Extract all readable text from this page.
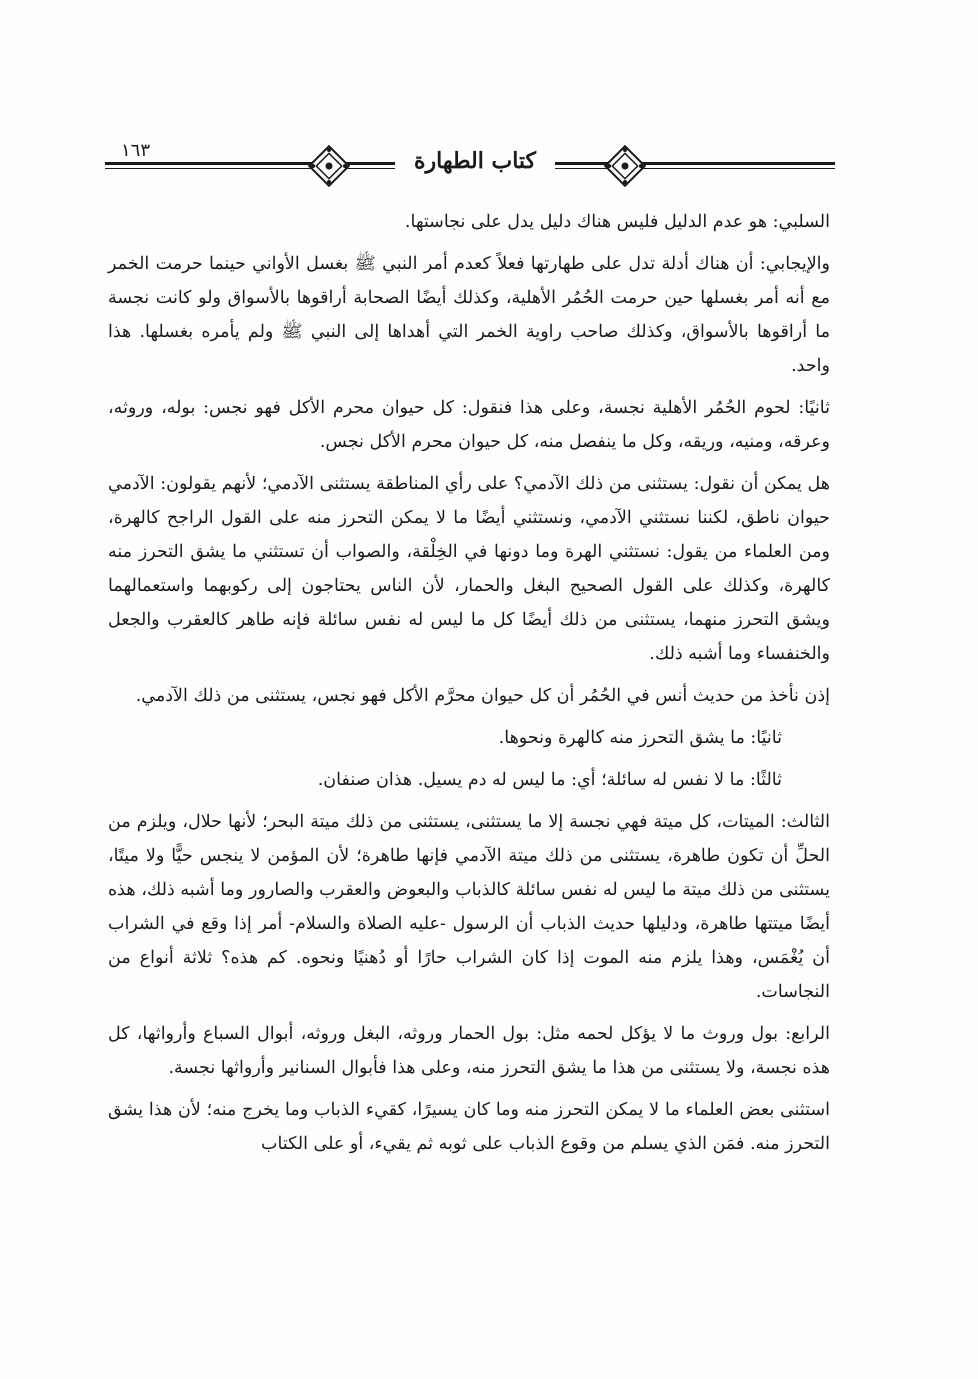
١٦٣	كتاب الطهارة

السلبي: هو عدم الدليل فليس هناك دليل يدل على نجاستها.

والإيجابي: أن هناك أدلة تدل على طهارتها فعلاً كعدم أمر النبي ﷺ بغسل الأواني حينما حرمت الخمر مع أنه أمر بغسلها حين حرمت الحُمُر الأهلية، وكذلك أيضًا الصحابة أراقوها بالأسواق ولو كانت نجسة ما أراقوها بالأسواق، وكذلك صاحب راوية الخمر التي أهداها إلى النبي ﷺ ولم يأمره بغسلها. هذا واحد.

ثانيًا: لحوم الحُمُر الأهلية نجسة، وعلى هذا فنقول: كل حيوان محرم الأكل فهو نجس: بوله، وروثه، وعرقه، ومنيه، وريقه، وكل ما ينفصل منه، كل حيوان محرم الأكل نجس.

هل يمكن أن نقول: يستثنى من ذلك الآدمي؟ على رأي المناطقة يستثنى الآدمي؛ لأنهم يقولون: الآدمي حيوان ناطق، لكننا نستثني الآدمي، ونستثني أيضًا ما لا يمكن التحرز منه على القول الراجح كالهرة، ومن العلماء من يقول: نستثني الهرة وما دونها في الخِلْقة، والصواب أن تستثني ما يشق التحرز منه كالهرة، وكذلك على القول الصحيح البغل والحمار، لأن الناس يحتاجون إلى ركوبهما واستعمالهما ويشق التحرز منهما، يستثنى من ذلك أيضًا كل ما ليس له نفس سائلة فإنه طاهر كالعقرب والجعل والخنفساء وما أشبه ذلك.

إذن نأخذ من حديث أنس في الحُمُر أن كل حيوان محرَّم الأكل فهو نجس، يستثنى من ذلك الآدمي.

ثانيًا: ما يشق التحرز منه كالهرة ونحوها.

ثالثًا: ما لا نفس له سائلة؛ أي: ما ليس له دم يسيل. هذان صنفان.

الثالث: الميتات، كل ميتة فهي نجسة إلا ما يستثنى، يستثنى من ذلك ميتة البحر؛ لأنها حلال، ويلزم من الحلِّ أن تكون طاهرة، يستثنى من ذلك ميتة الآدمي فإنها طاهرة؛ لأن المؤمن لا ينجس حيًّا ولا ميتًا، يستثنى من ذلك ميتة ما ليس له نفس سائلة كالذباب والبعوض والعقرب والصارور وما أشبه ذلك، هذه أيضًا ميتتها طاهرة، ودليلها حديث الذباب أن الرسول -عليه الصلاة والسلام- أمر إذا وقع في الشراب أن يُغْمَس، وهذا يلزم منه الموت إذا كان الشراب حارًا أو دُهنيًا ونحوه. كم هذه؟ ثلاثة أنواع من النجاسات.

الرابع: بول وروث ما لا يؤكل لحمه مثل: بول الحمار وروثه، البغل وروثه، أبوال السباع وأرواثها، كل هذه نجسة، ولا يستثنى من هذا ما يشق التحرز منه، وعلى هذا فأبوال السنانير وأرواثها نجسة.

استثنى بعض العلماء ما لا يمكن التحرز منه وما كان يسيرًا، كقيء الذباب وما يخرج منه؛ لأن هذا يشق التحرز منه. فمَن الذي يسلم من وقوع الذباب على ثوبه ثم يقيء، أو على الكتاب
